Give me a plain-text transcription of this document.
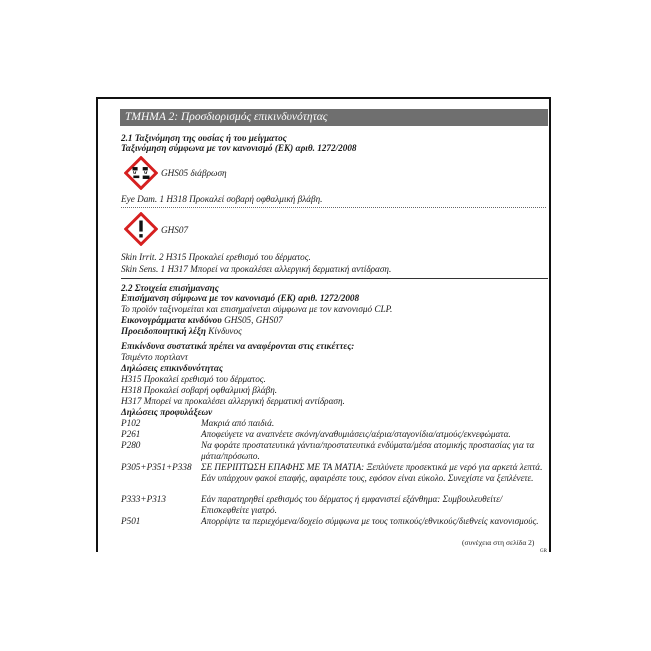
ΤΜΗΜΑ 2: Προσδιορισμός επικινδυνότητας
2.1 Ταξινόμηση της ουσίας ή του μείγματος
Ταξινόμηση σύμφωνα με τον κανονισμό (ΕΚ) αριθ. 1272/2008
GHS05 διάβρωση
Eye Dam. 1 H318 Προκαλεί σοβαρή οφθαλμική βλάβη.
GHS07
Skin Irrit. 2 H315 Προκαλεί ερεθισμό του δέρματος.
Skin Sens. 1 H317 Μπορεί να προκαλέσει αλλεργική δερματική αντίδραση.
2.2 Στοιχεία επισήμανσης
Επισήμανση σύμφωνα με τον κανονισμό (ΕΚ) αριθ. 1272/2008
Το προϊόν ταξινομείται και επισημαίνεται σύμφωνα με τον κανονισμό CLP.
Εικονογράμματα κινδύνου GHS05, GHS07
Προειδοποιητική λέξη Κίνδυνος
Επικίνδυνα συστατικά πρέπει να αναφέρονται στις ετικέττες:
Τσιμέντο πορτλαντ
Δηλώσεις επικινδυνότητας
H315 Προκαλεί ερεθισμό του δέρματος.
H318 Προκαλεί σοβαρή οφθαλμική βλάβη.
H317 Μπορεί να προκαλέσει αλλεργική δερματική αντίδραση.
Δηλώσεις προφυλάξεων
P102	Μακριά από παιδιά.
P261	Αποφεύγετε να αναπνέετε σκόνη/αναθυμιάσεις/αέρια/σταγονίδια/ατμούς/εκνεφώματα.
P280	Να φοράτε προστατευτικά γάντια/προστατευτικά ενδύματα/μέσα ατομικής προστασίας για τα μάτια/πρόσωπο.
P305+P351+P338 ΣΕ ΠΕΡΙΠΤΩΣΗ ΕΠΑΦΗΣ ΜΕ ΤΑ ΜΑΤΙΑ: Ξεπλύνετε προσεκτικά με νερό για αρκετά λεπτά. Εάν υπάρχουν φακοί επαφής, αφαιρέστε τους, εφόσον είναι εύκολο. Συνεχίστε να ξεπλένετε.
P333+P313	Εάν παρατηρηθεί ερεθισμός του δέρματος ή εμφανιστεί εξάνθημα: Συμβουλευθείτε/Επισκεφθείτε γιατρό.
P501	Απορρίψτε τα περιεχόμενα/δοχείο σύμφωνα με τους τοπικούς/εθνικούς/διεθνείς κανονισμούς.
(συνέχεια στη σελίδα 2)
GR
